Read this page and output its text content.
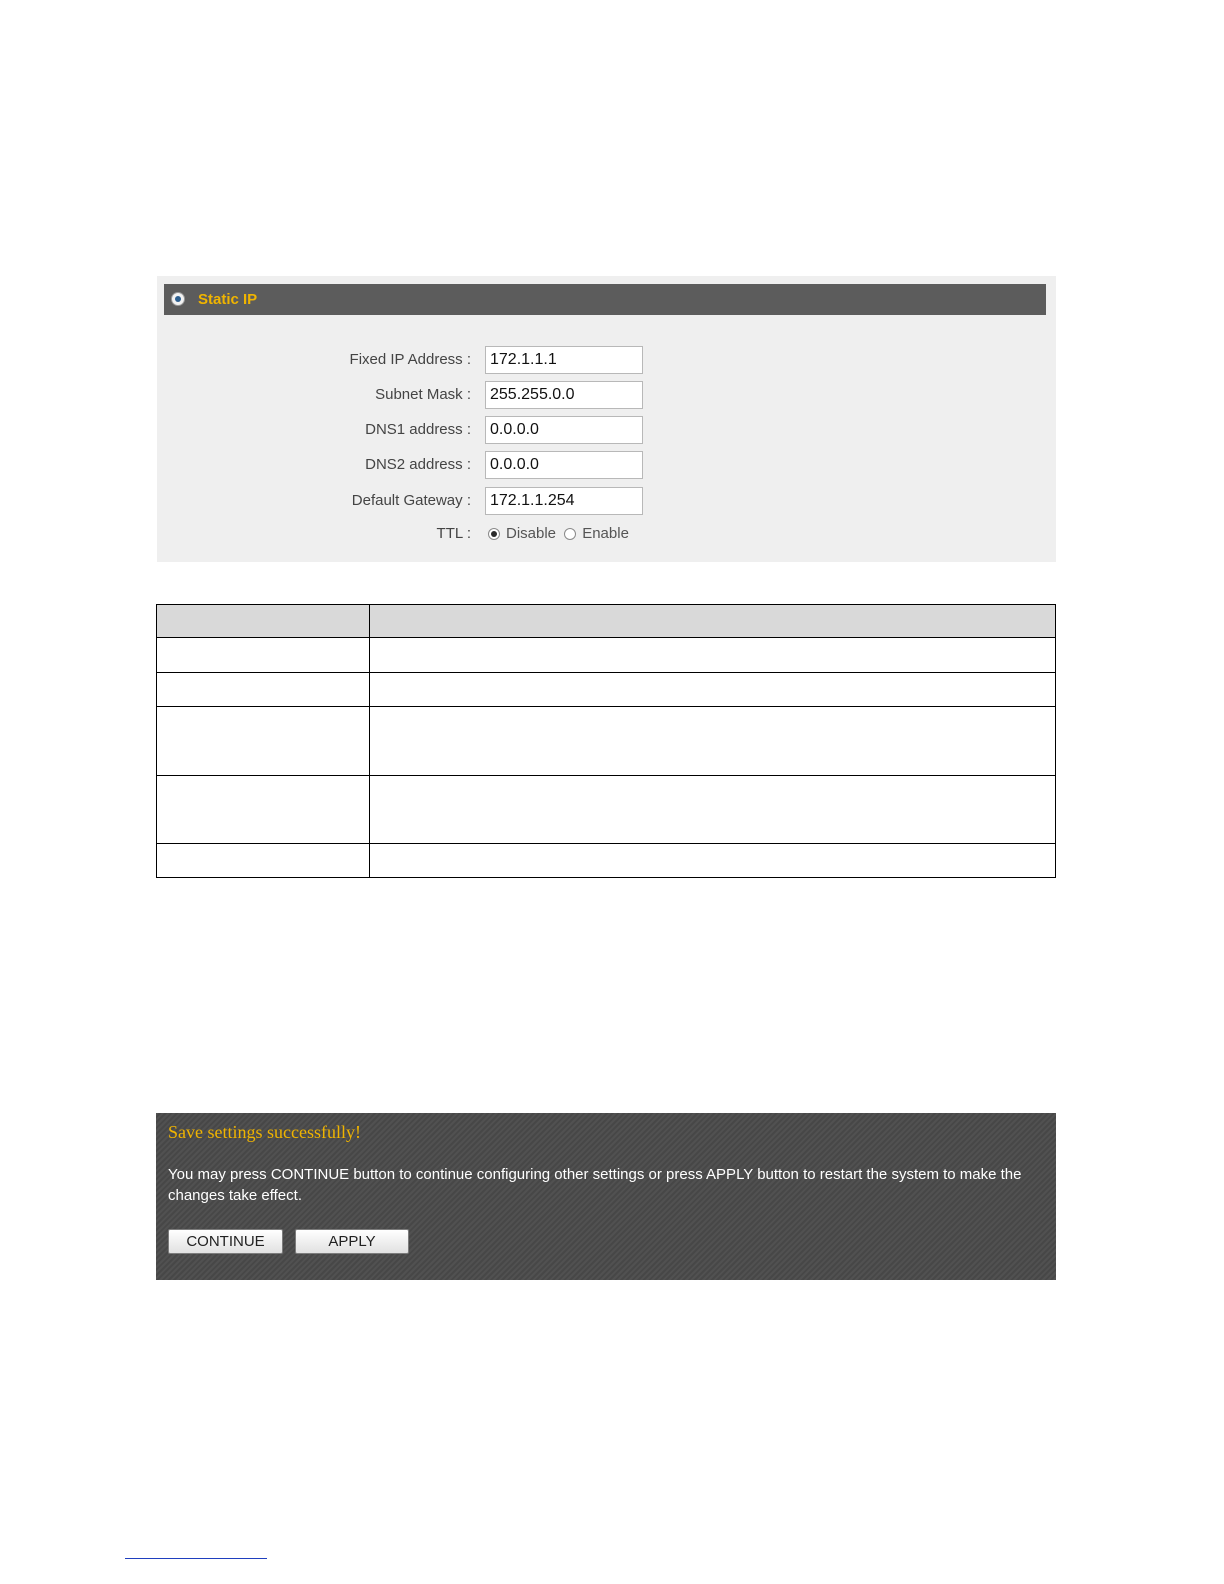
Static IP
Fixed IP Address :
172.1.1.1
Subnet Mask :
255.255.0.0
DNS1 address :
0.0.0.0
DNS2 address :
0.0.0.0
Default Gateway :
172.1.1.254
TTL : Disable
Enable

Save settings successfully!
You may press CONTINUE button to continue configuring other settings or press APPLY button to restart the system to make the changes take effect.
CONTINUE	APPLY
